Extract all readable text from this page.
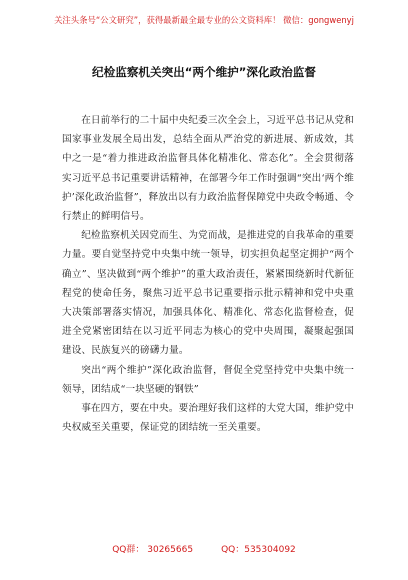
关注头条号“公文研究”，获得最新最全最专业的公文资料库！ 微信：gongwenyj
纪检监察机关突出“两个维护”深化政治监督

在日前举行的二十届中央纪委三次全会上，习近平总书记从党和国家事业发展全局出发，总结全面从严治党的新进展、新成效，其中之一是“着力推进政治监督具体化精准化、常态化”。全会贯彻落实习近平总书记重要讲话精神，在部署今年工作时强调“突出‘两个维护’深化政治监督”，释放出以有力政治监督保障党中央政令畅通、令行禁止的鲜明信号。

纪检监察机关因党而生、为党而战，是推进党的自我革命的重要力量。要自觉坚持党中央集中统一领导，切实担负起坚定拥护“两个确立”、坚决做到“两个维护”的重大政治责任，紧紧围绕新时代新征程党的使命任务，聚焦习近平总书记重要指示批示精神和党中央重大决策部署落实情况，加强具体化、精准化、常态化监督检查，促进全党紧密团结在以习近平同志为核心的党中央周围，凝聚起强国建设、民族复兴的磅礴力量。

突出“两个维护”深化政治监督，督促全党坚持党中央集中统一领导，团结成“一块坚硬的钢铁”

事在四方，要在中央。要治理好我们这样的大党大国，维护党中央权威至关重要，保证党的团结统一至关重要。

QQ群： 30265665	QQ：535304092
